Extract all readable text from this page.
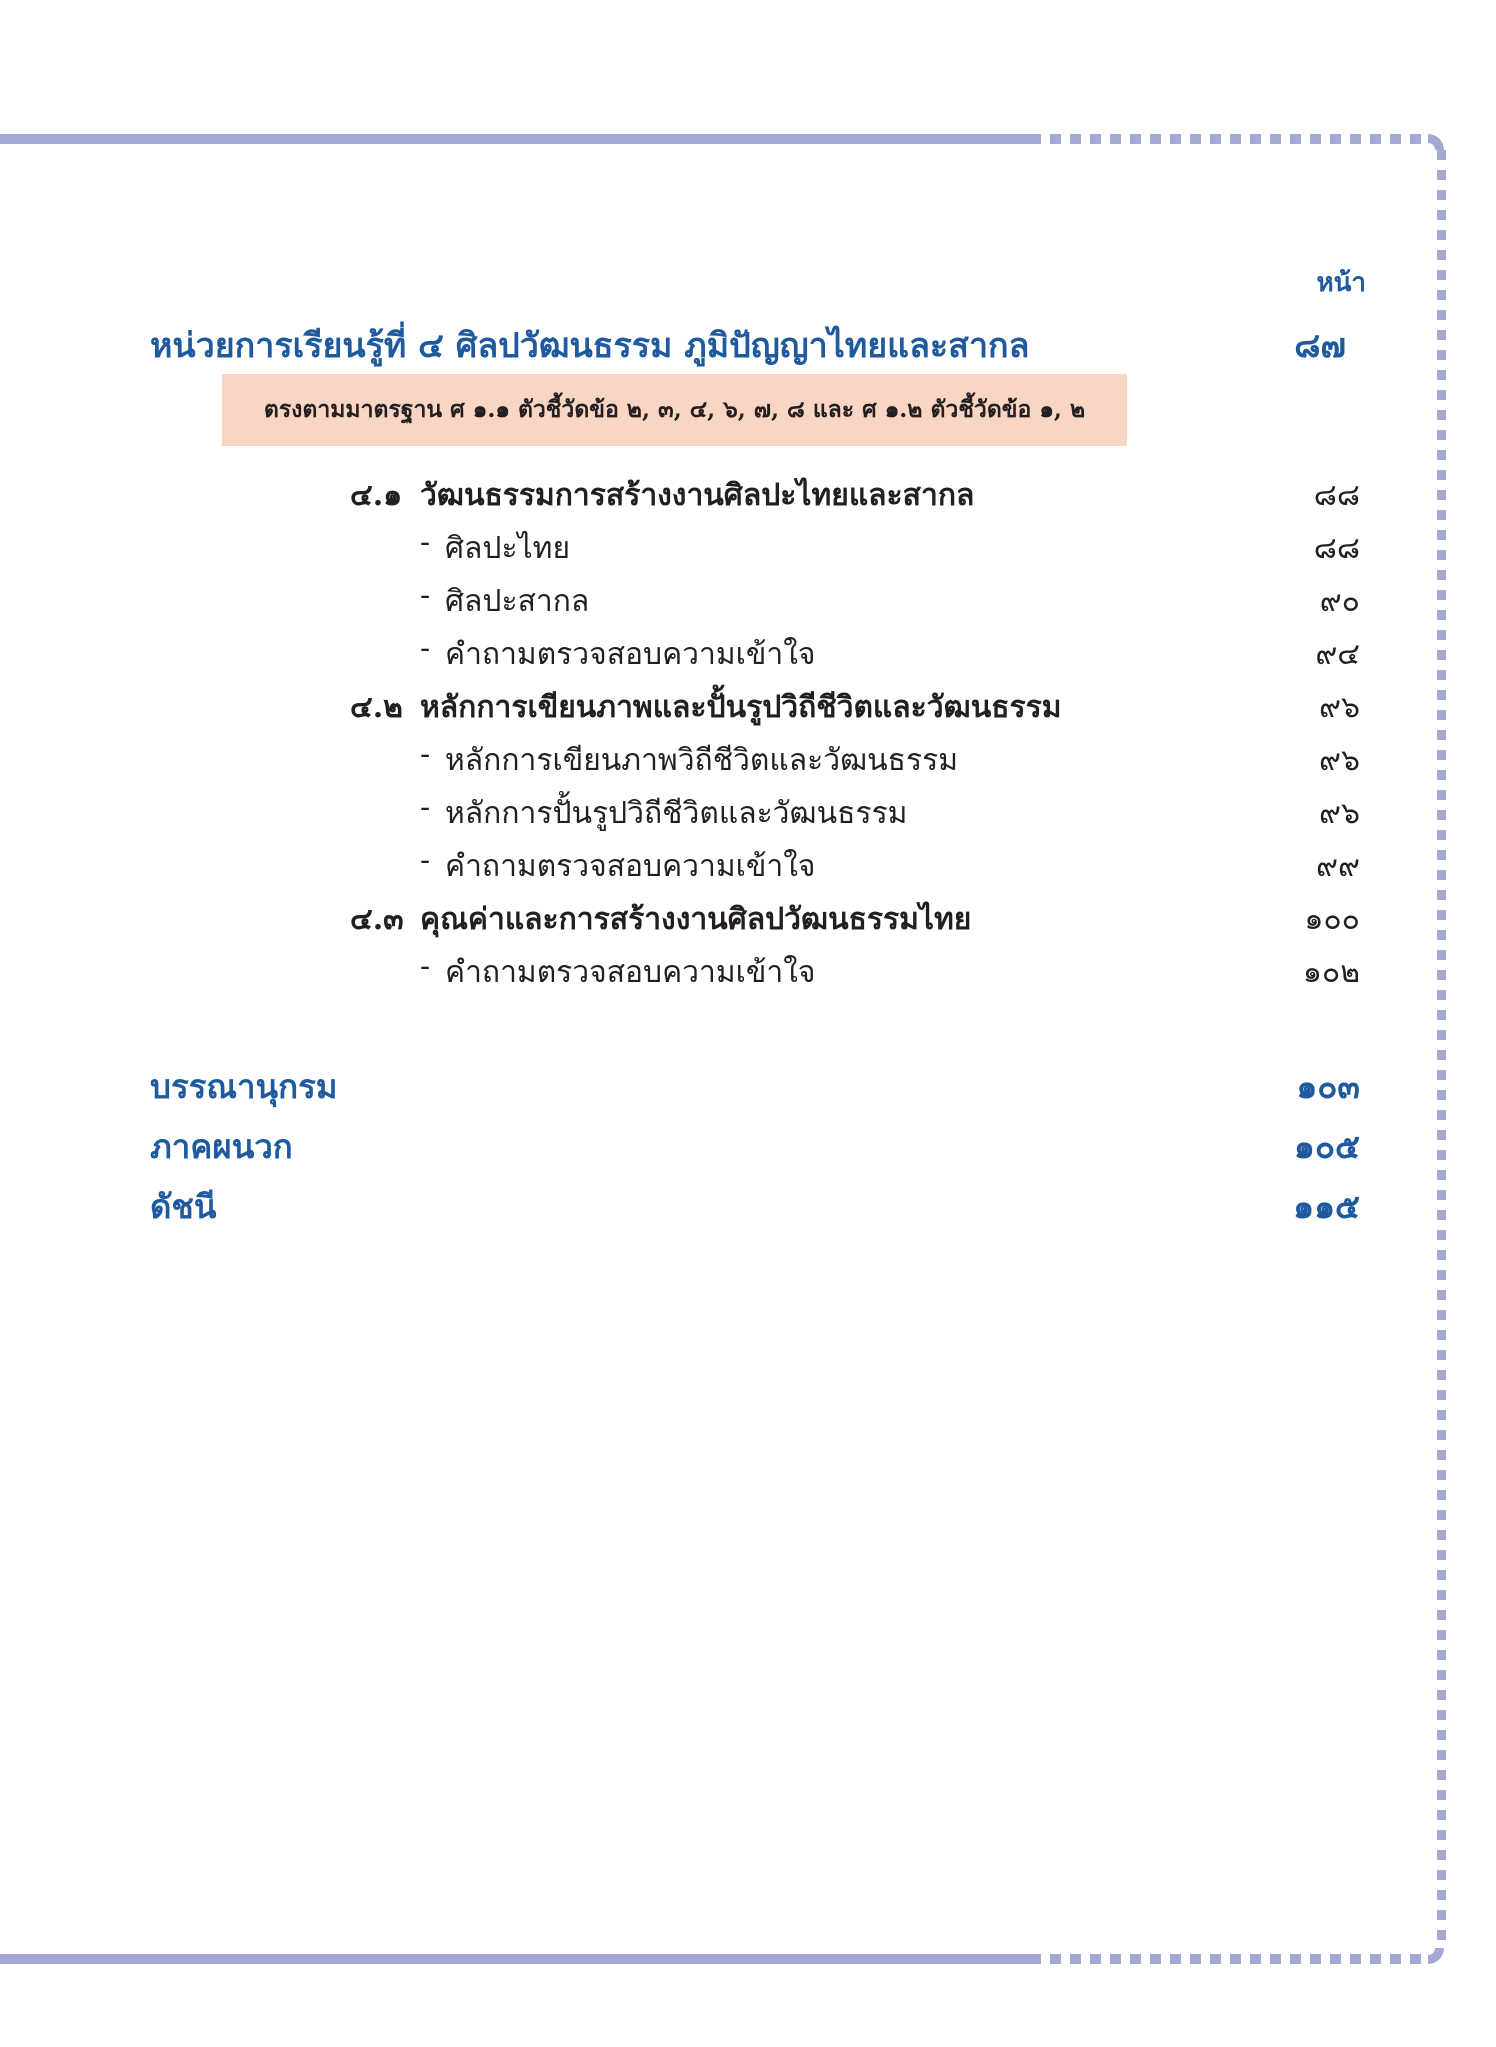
หน้า
หน่วยการเรียนรู้ที่ ๔ ศิลปวัฒนธรรม ภูมิปัญญาไทยและสากล	๘๗
ตรงตามมาตรฐาน ศ ๑.๑ ตัวชี้วัดข้อ ๒, ๓, ๔, ๖, ๗, ๘ และ ศ ๑.๒ ตัวชี้วัดข้อ ๑, ๒
๔.๑ วัฒนธรรมการสร้างงานศิลปะไทยและสากล	๘๘
- ศิลปะไทย	๘๘
- ศิลปะสากล	๙๐
- คำถามตรวจสอบความเข้าใจ	๙๔
๔.๒ หลักการเขียนภาพและปั้นรูปวิถีชีวิตและวัฒนธรรม	๙๖
- หลักการเขียนภาพวิถีชีวิตและวัฒนธรรม	๙๖
- หลักการปั้นรูปวิถีชีวิตและวัฒนธรรม	๙๖
- คำถามตรวจสอบความเข้าใจ	๙๙
๔.๓ คุณค่าและการสร้างงานศิลปวัฒนธรรมไทย	๑๐๐
- คำถามตรวจสอบความเข้าใจ	๑๐๒
บรรณานุกรม	๑๐๓
ภาคผนวก	๑๐๕
ดัชนี	๑๑๕
